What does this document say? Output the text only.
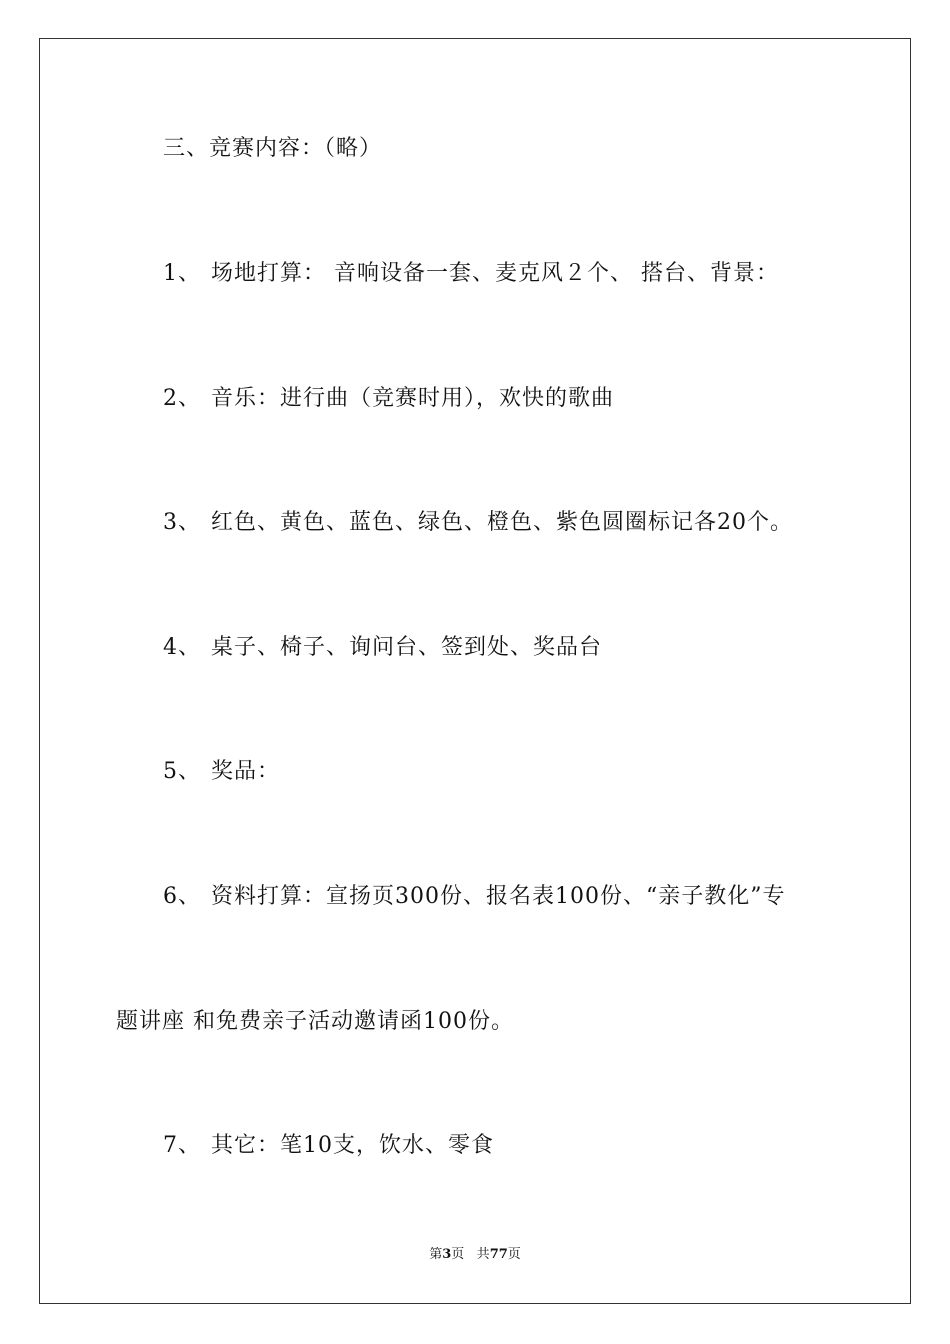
三、竞赛内容：（略）
1、 场地打算： 音响设备一套、麦克风２个、 搭台、背景：
2、 音乐：进行曲（竞赛时用），欢快的歌曲
3、 红色、黄色、蓝色、绿色、橙色、紫色圆圈标记各20个。
4、 桌子、椅子、询问台、签到处、奖品台
5、 奖品：
6、 资料打算：宣扬页300份、报名表100份、“亲子教化”专
题讲座 和免费亲子活动邀请函100份。
7、 其它：笔10支，饮水、零食
第3页 共77页
